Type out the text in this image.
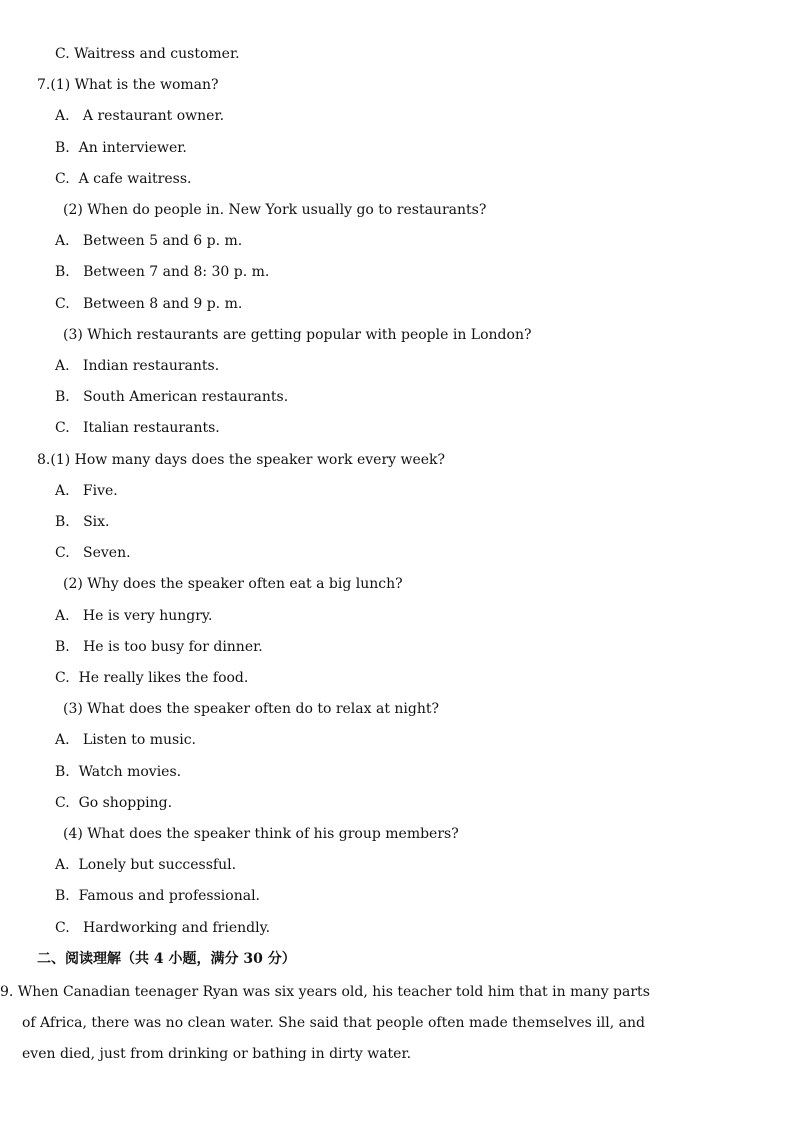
C. Waitress and customer.
7.(1) What is the woman?
A.   A restaurant owner.
B.  An interviewer.
C.  A cafe waitress.
(2) When do people in. New York usually go to restaurants?
A.   Between 5 and 6 p. m.
B.   Between 7 and 8: 30 p. m.
C.   Between 8 and 9 p. m.
(3) Which restaurants are getting popular with people in London?
A.   Indian restaurants.
B.   South American restaurants.
C.   Italian restaurants.
8.(1) How many days does the speaker work every week?
A.   Five.
B.   Six.
C.   Seven.
(2) Why does the speaker often eat a big lunch?
A.   He is very hungry.
B.   He is too busy for dinner.
C.  He really likes the food.
(3) What does the speaker often do to relax at night?
A.   Listen to music.
B.  Watch movies.
C.  Go shopping.
(4) What does the speaker think of his group members?
A.  Lonely but successful.
B.  Famous and professional.
C.   Hardworking and friendly.
二、阅读理解（共 4 小题，满分 30 分）
9. When Canadian teenager Ryan was six years old, his teacher told him that in many parts
of Africa, there was no clean water. She said that people often made themselves ill, and
even died, just from drinking or bathing in dirty water.
